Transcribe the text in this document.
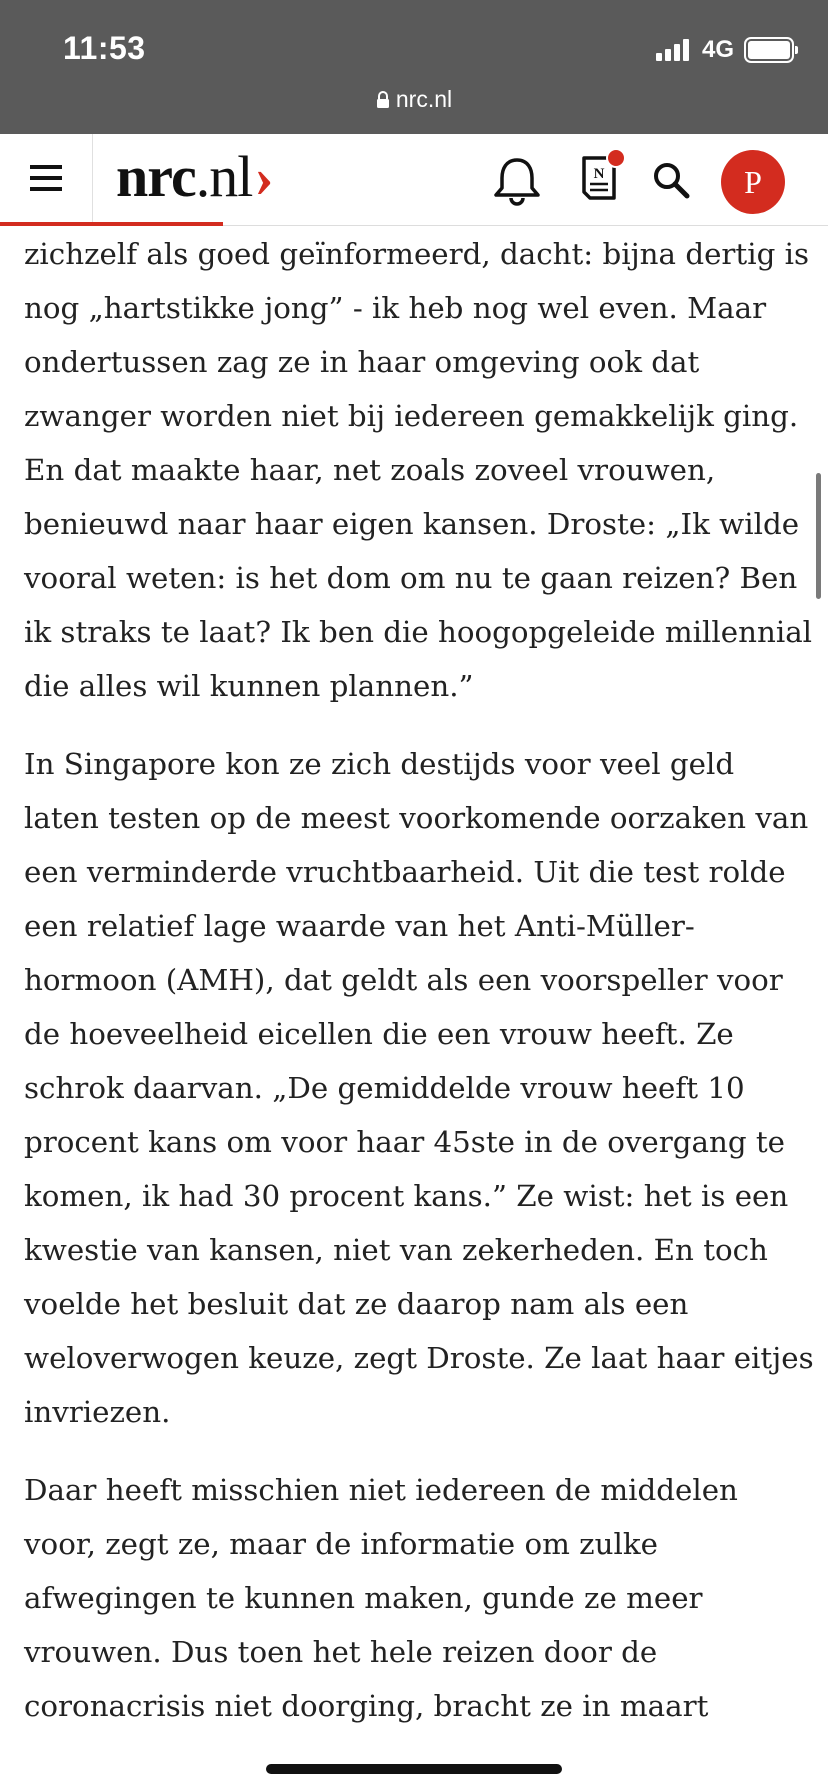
11:53	4G
nrc.nl
nrc.nl›	N	P

zichzelf als goed geïnformeerd, dacht: bijna dertig is nog „hartstikke jong” - ik heb nog wel even. Maar ondertussen zag ze in haar omgeving ook dat zwanger worden niet bij iedereen gemakkelijk ging. En dat maakte haar, net zoals zoveel vrouwen, benieuwd naar haar eigen kansen. Droste: „Ik wilde vooral weten: is het dom om nu te gaan reizen? Ben ik straks te laat? Ik ben die hoogopgeleide millennial die alles wil kunnen plannen.”

In Singapore kon ze zich destijds voor veel geld laten testen op de meest voorkomende oorzaken van een verminderde vruchtbaarheid. Uit die test rolde een relatief lage waarde van het Anti-Müller-hormoon (AMH), dat geldt als een voorspeller voor de hoeveelheid eicellen die een vrouw heeft. Ze schrok daarvan. „De gemiddelde vrouw heeft 10 procent kans om voor haar 45ste in de overgang te komen, ik had 30 procent kans.” Ze wist: het is een kwestie van kansen, niet van zekerheden. En toch voelde het besluit dat ze daarop nam als een weloverwogen keuze, zegt Droste. Ze laat haar eitjes invriezen.

Daar heeft misschien niet iedereen de middelen voor, zegt ze, maar de informatie om zulke afwegingen te kunnen maken, gunde ze meer vrouwen. Dus toen het hele reizen door de coronacrisis niet doorging, bracht ze in maart
